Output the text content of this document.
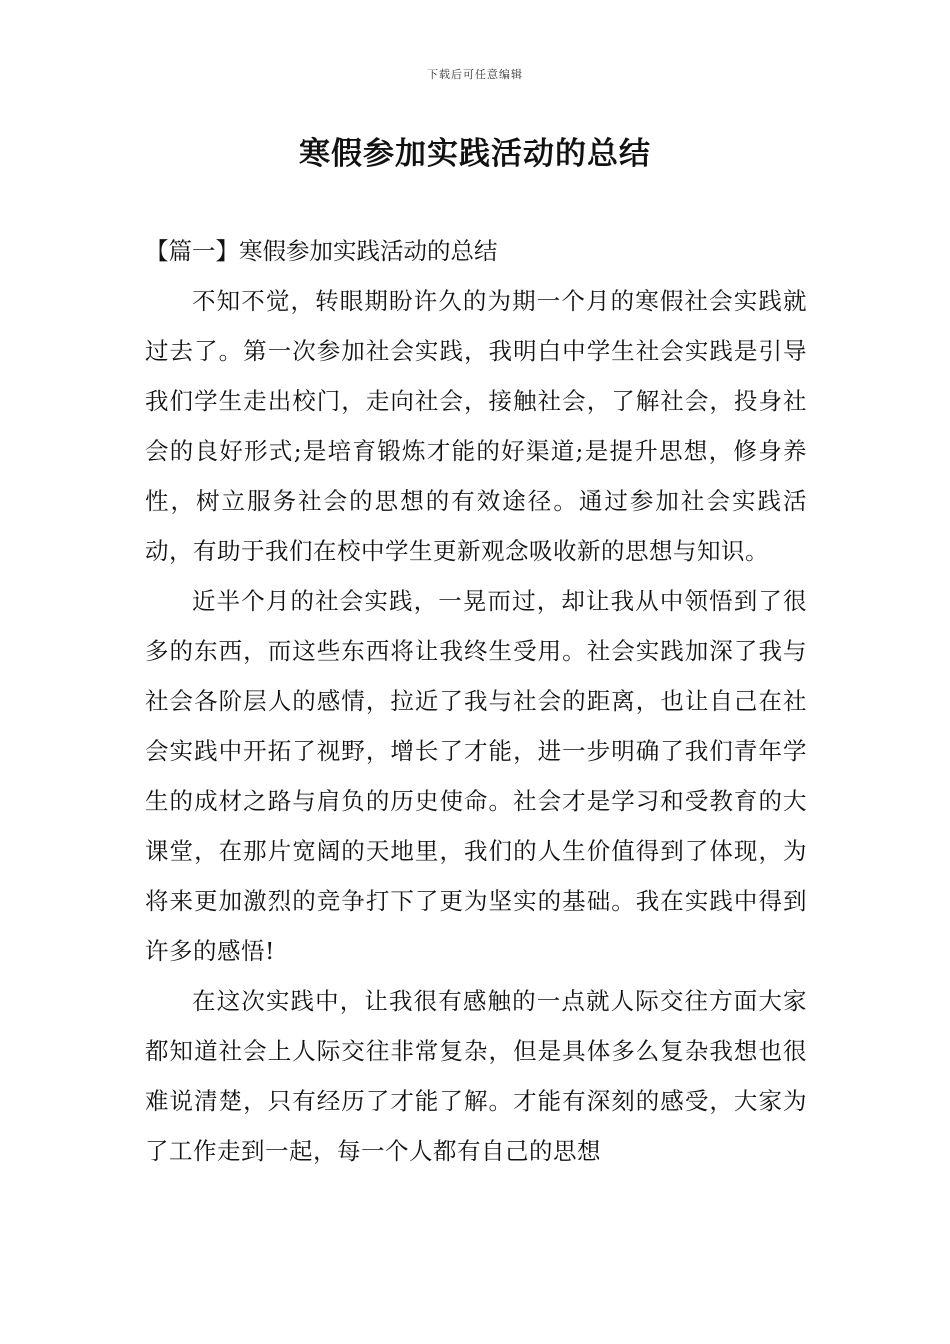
下载后可任意编辑
寒假参加实践活动的总结

【篇一】寒假参加实践活动的总结

不知不觉，转眼期盼许久的为期一个月的寒假社会实践就过去了。第一次参加社会实践，我明白中学生社会实践是引导我们学生走出校门，走向社会，接触社会，了解社会，投身社会的良好形式;是培育锻炼才能的好渠道;是提升思想，修身养性，树立服务社会的思想的有效途径。通过参加社会实践活动，有助于我们在校中学生更新观念吸收新的思想与知识。

近半个月的社会实践，一晃而过，却让我从中领悟到了很多的东西，而这些东西将让我终生受用。社会实践加深了我与社会各阶层人的感情，拉近了我与社会的距离，也让自己在社会实践中开拓了视野，增长了才能，进一步明确了我们青年学生的成材之路与肩负的历史使命。社会才是学习和受教育的大课堂，在那片宽阔的天地里，我们的人生价值得到了体现，为将来更加激烈的竞争打下了更为坚实的基础。我在实践中得到许多的感悟!

在这次实践中，让我很有感触的一点就人际交往方面大家都知道社会上人际交往非常复杂，但是具体多么复杂我想也很难说清楚，只有经历了才能了解。才能有深刻的感受，大家为了工作走到一起，每一个人都有自己的思想
